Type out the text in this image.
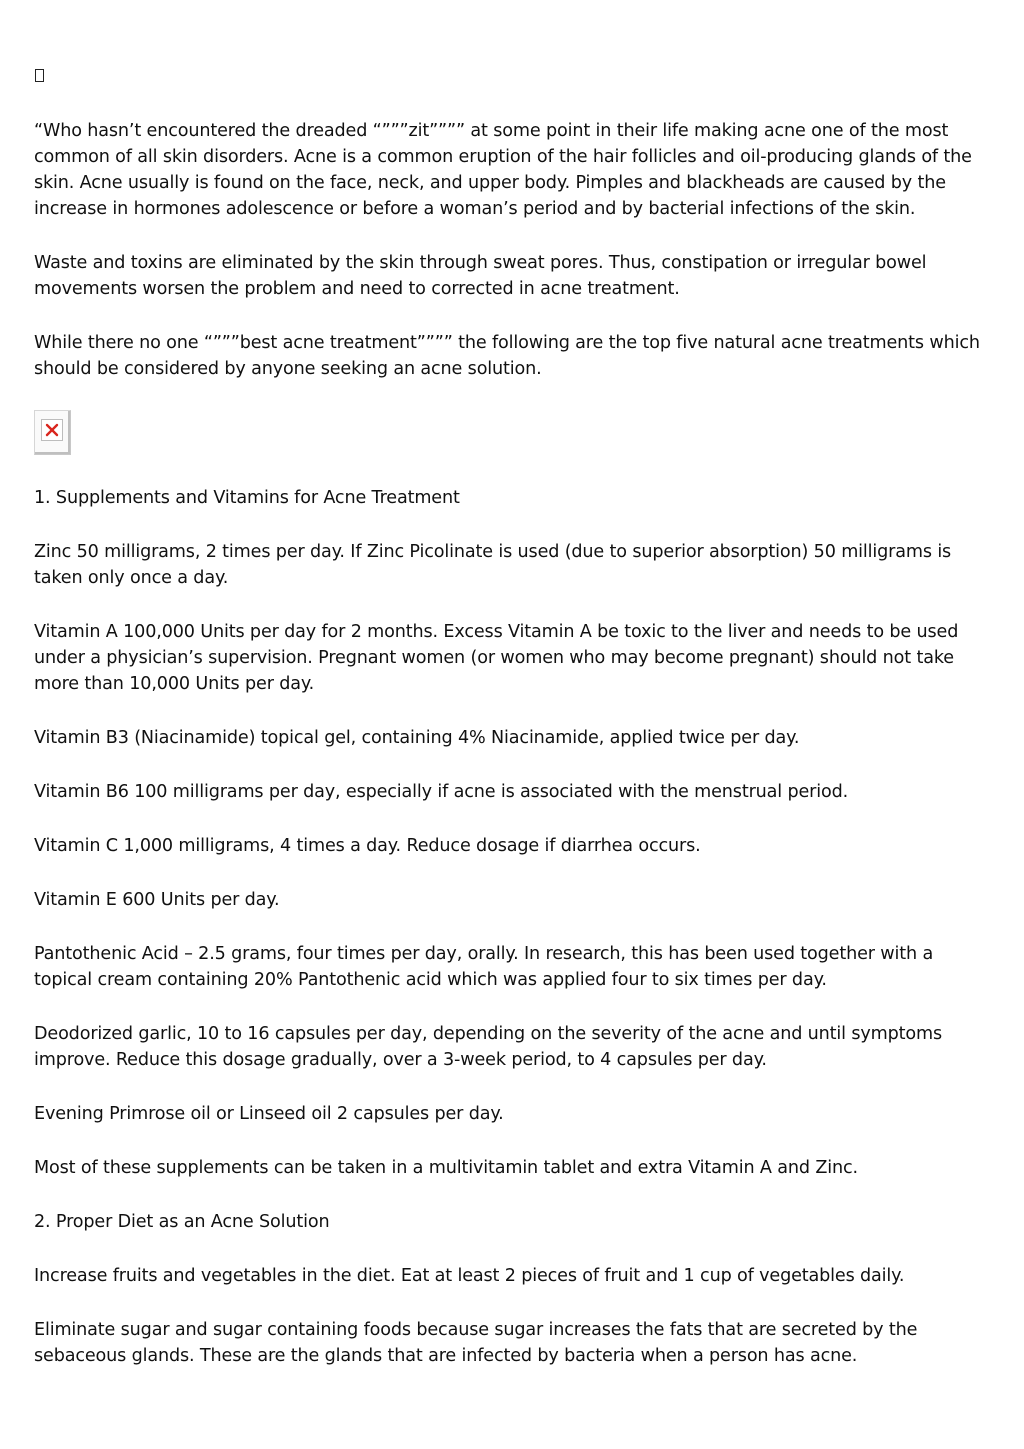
“Who hasn’t encountered the dreaded “”””zit”””” at some point in their life making acne one of the most common of all skin disorders. Acne is a common eruption of the hair follicles and oil-producing glands of the skin. Acne usually is found on the face, neck, and upper body. Pimples and blackheads are caused by the increase in hormones adolescence or before a woman’s period and by bacterial infections of the skin.

Waste and toxins are eliminated by the skin through sweat pores. Thus, constipation or irregular bowel movements worsen the problem and need to corrected in acne treatment.

While there no one “”””best acne treatment”””” the following are the top five natural acne treatments which should be considered by anyone seeking an acne solution.

1. Supplements and Vitamins for Acne Treatment

Zinc 50 milligrams, 2 times per day. If Zinc Picolinate is used (due to superior absorption) 50 milligrams is taken only once a day.

Vitamin A 100,000 Units per day for 2 months. Excess Vitamin A be toxic to the liver and needs to be used under a physician’s supervision. Pregnant women (or women who may become pregnant) should not take more than 10,000 Units per day.

Vitamin B3 (Niacinamide) topical gel, containing 4% Niacinamide, applied twice per day.

Vitamin B6 100 milligrams per day, especially if acne is associated with the menstrual period.

Vitamin C 1,000 milligrams, 4 times a day. Reduce dosage if diarrhea occurs.

Vitamin E 600 Units per day.

Pantothenic Acid – 2.5 grams, four times per day, orally. In research, this has been used together with a topical cream containing 20% Pantothenic acid which was applied four to six times per day.

Deodorized garlic, 10 to 16 capsules per day, depending on the severity of the acne and until symptoms improve. Reduce this dosage gradually, over a 3-week period, to 4 capsules per day.

Evening Primrose oil or Linseed oil 2 capsules per day.

Most of these supplements can be taken in a multivitamin tablet and extra Vitamin A and Zinc.

2. Proper Diet as an Acne Solution

Increase fruits and vegetables in the diet. Eat at least 2 pieces of fruit and 1 cup of vegetables daily.

Eliminate sugar and sugar containing foods because sugar increases the fats that are secreted by the sebaceous glands. These are the glands that are infected by bacteria when a person has acne.
